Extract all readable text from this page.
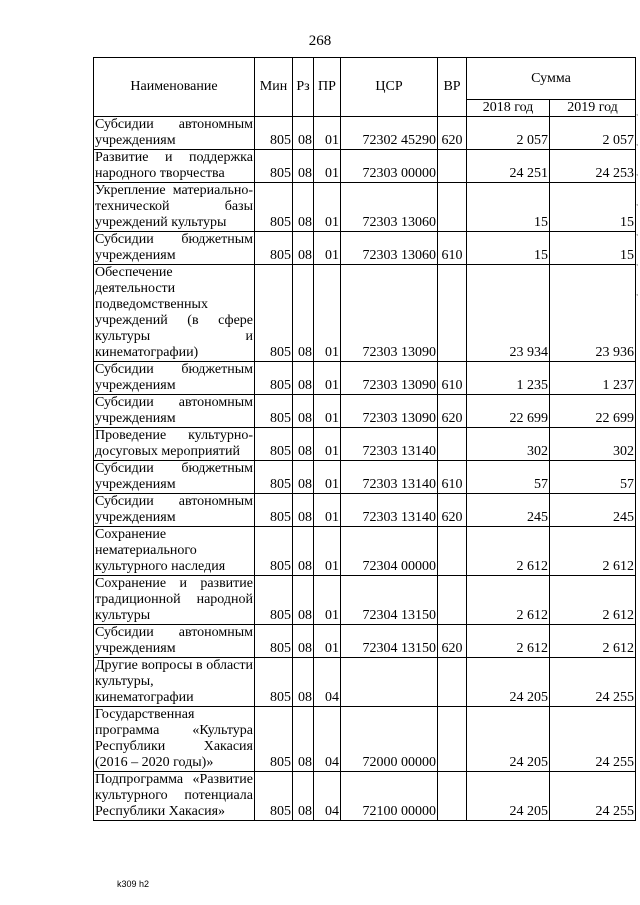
268
Наименование	Мин	Рз	ПР	ЦСР	ВР	Сумма	
						2018 год	2019 год
Субсидии автономным учреждениям	805	08	01	72302 45290	620	2 057	2 057
Развитие и поддержка народного творчества	805	08	01	72303 00000		24 251	24 253
Укрепление материально-технической базы учреждений культуры	805	08	01	72303 13060		15	15
Субсидии бюджетным учреждениям	805	08	01	72303 13060	610	15	15
Обеспечение деятельности подведомственных учреждений (в сфере культуры и кинематографии)	805	08	01	72303 13090		23 934	23 936
Субсидии бюджетным учреждениям	805	08	01	72303 13090	610	1 235	1 237
Субсидии автономным учреждениям	805	08	01	72303 13090	620	22 699	22 699
Проведение культурно-досуговых мероприятий	805	08	01	72303 13140		302	302
Субсидии бюджетным учреждениям	805	08	01	72303 13140	610	57	57
Субсидии автономным учреждениям	805	08	01	72303 13140	620	245	245
Сохранение нематериального культурного наследия	805	08	01	72304 00000		2 612	2 612
Сохранение и развитие традиционной народной культуры	805	08	01	72304 13150		2 612	2 612
Субсидии автономным учреждениям	805	08	01	72304 13150	620	2 612	2 612
Другие вопросы в области культуры, кинематографии	805	08	04			24 205	24 255
Государственная программа «Культура Республики Хакасия (2016 – 2020 годы)»	805	08	04	72000 00000		24 205	24 255
Подпрограмма «Развитие культурного потенциала Республики Хакасия»	805	08	04	72100 00000		24 205	24 255
,
,
,
,
,
,
,
k309 h2
